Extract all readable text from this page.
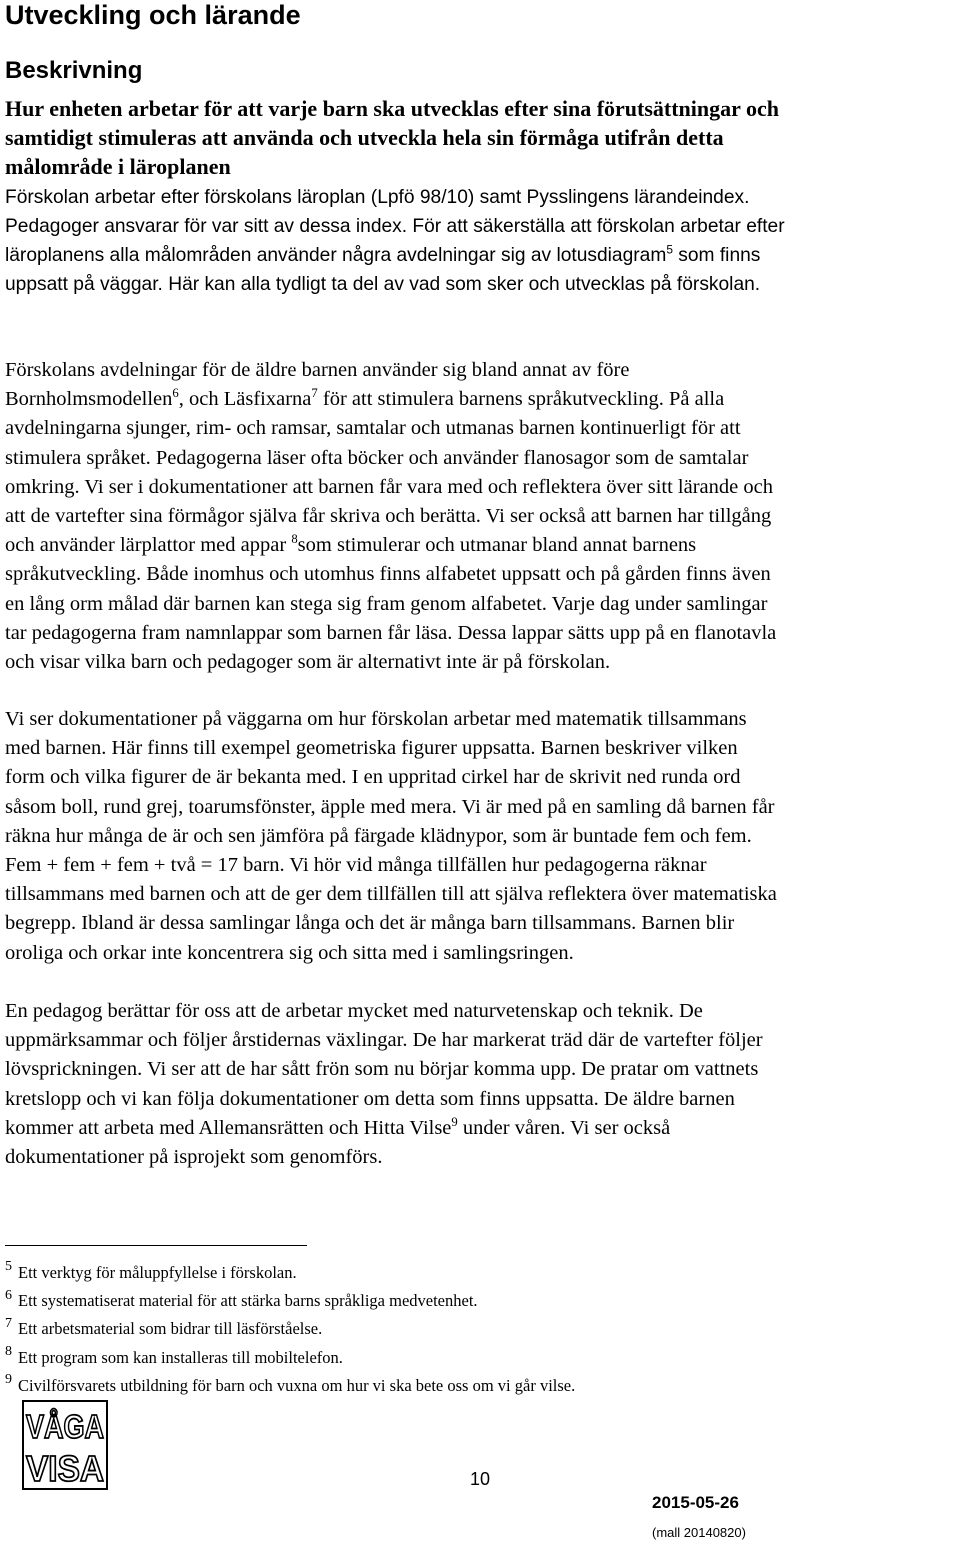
Utveckling och lärande
Beskrivning
Hur enheten arbetar för att varje barn ska utvecklas efter sina förutsättningar och
samtidigt stimuleras att använda och utveckla hela sin förmåga utifrån detta
målområde i läroplanen
Förskolan arbetar efter förskolans läroplan (Lpfö 98/10) samt Pysslingens lärandeindex.
Pedagoger ansvarar för var sitt av dessa index. För att säkerställa att förskolan arbetar efter
läroplanens alla målområden använder några avdelningar sig av lotusdiagram$^5$ som finns
uppsatt på väggar. Här kan alla tydligt ta del av vad som sker och utvecklas på förskolan.
Förskolans avdelningar för de äldre barnen använder sig bland annat av före
Bornholmsmodellen$^6$, och Läsfixarna$^7$ för att stimulera barnens språkutveckling. På alla
avdelningarna sjunger, rim- och ramsar, samtalar och utmanas barnen kontinuerligt för att
stimulera språket. Pedagogerna läser ofta böcker och använder flanosagor som de samtalar
omkring. Vi ser i dokumentationer att barnen får vara med och reflektera över sitt lärande och
att de vartefter sina förmågor själva får skriva och berätta. Vi ser också att barnen har tillgång
och använder lärplattor med appar $^8$som stimulerar och utmanar bland annat barnens
språkutveckling. Både inomhus och utomhus finns alfabetet uppsatt och på gården finns även
en lång orm målad där barnen kan stega sig fram genom alfabetet. Varje dag under samlingar
tar pedagogerna fram namnlappar som barnen får läsa. Dessa lappar sätts upp på en flanotavla
och visar vilka barn och pedagoger som är alternativt inte är på förskolan.
Vi ser dokumentationer på väggarna om hur förskolan arbetar med matematik tillsammans
med barnen. Här finns till exempel geometriska figurer uppsatta. Barnen beskriver vilken
form och vilka figurer de är bekanta med. I en uppritad cirkel har de skrivit ned runda ord
såsom boll, rund grej, toarumsfönster, äpple med mera. Vi är med på en samling då barnen får
räkna hur många de är och sen jämföra på färgade klädnypor, som är buntade fem och fem.
Fem + fem + fem + två = 17 barn. Vi hör vid många tillfällen hur pedagogerna räknar
tillsammans med barnen och att de ger dem tillfällen till att själva reflektera över matematiska
begrepp. Ibland är dessa samlingar långa och det är många barn tillsammans. Barnen blir
oroliga och orkar inte koncentrera sig och sitta med i samlingsringen.
En pedagog berättar för oss att de arbetar mycket med naturvetenskap och teknik. De
uppmärksammar och följer årstidernas växlingar. De har markerat träd där de vartefter följer
lövsprickningen. Vi ser att de har sått frön som nu börjar komma upp. De pratar om vattnets
kretslopp och vi kan följa dokumentationer om detta som finns uppsatta. De äldre barnen
kommer att arbeta med Allemansrätten och Hitta Vilse$^9$ under våren. Vi ser också
dokumentationer på isprojekt som genomförs.
$^5$ Ett verktyg för måluppfyllelse i förskolan.
$^6$ Ett systematiserat material för att stärka barns språkliga medvetenhet.
$^7$ Ett arbetsmaterial som bidrar till läsförståelse.
$^8$ Ett program som kan installeras till mobiltelefon.
$^9$ Civilförsvarets utbildning för barn och vuxna om hur vi ska bete oss om vi går vilse.
VÅGA
VISA	10
2015-05-26
(mall 20140820)
